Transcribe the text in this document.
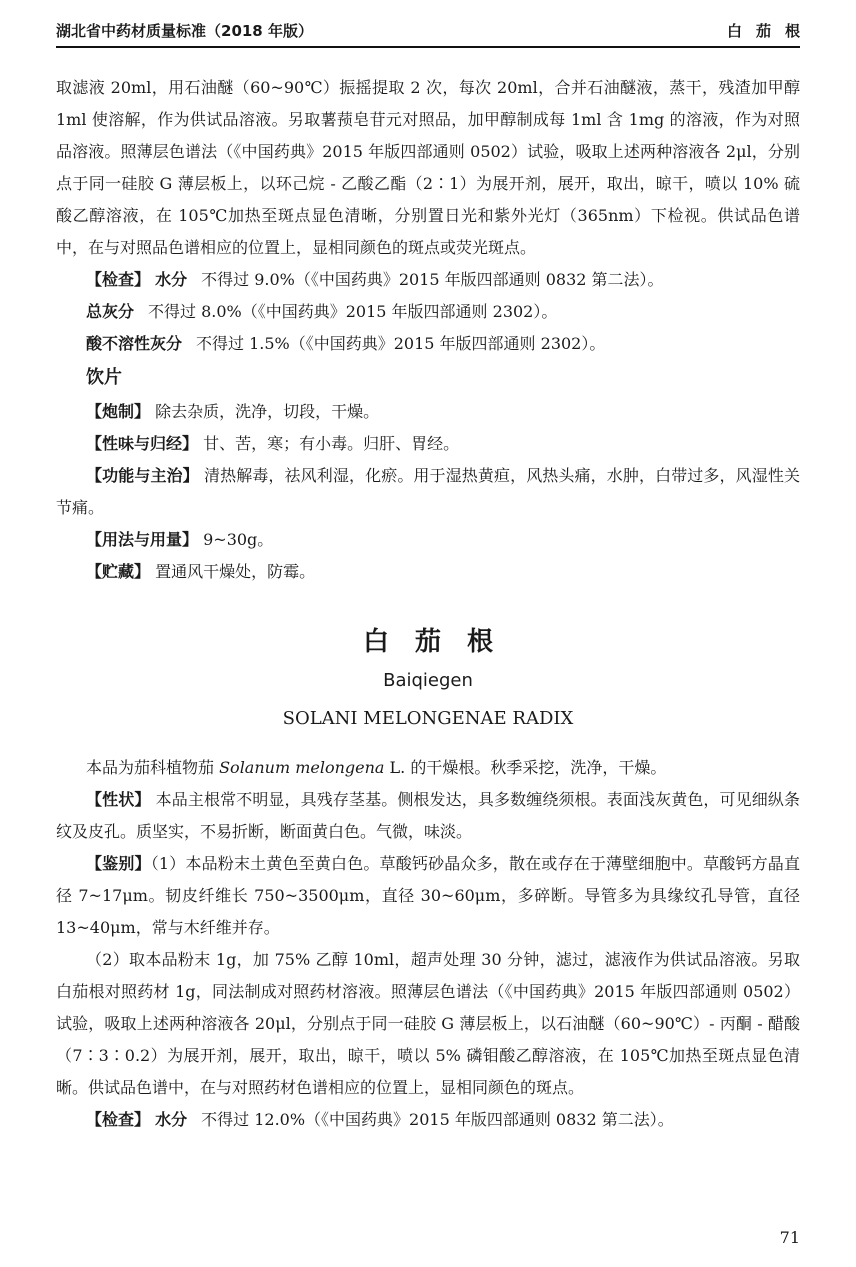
湖北省中药材质量标准（2018 年版）	白茄根

取滤液 20ml，用石油醚（60~90℃）振摇提取 2 次，每次 20ml，合并石油醚液，蒸干，残渣加甲醇 1ml 使溶解，作为供试品溶液。另取薯蓣皂苷元对照品，加甲醇制成每 1ml 含 1mg 的溶液，作为对照品溶液。照薄层色谱法（《中国药典》2015 年版四部通则 0502）试验，吸取上述两种溶液各 2μl，分别点于同一硅胶 G 薄层板上，以环己烷 - 乙酸乙酯（2∶1）为展开剂，展开，取出，晾干，喷以 10% 硫酸乙醇溶液，在 105℃加热至斑点显色清晰，分别置日光和紫外光灯（365nm）下检视。供试品色谱中，在与对照品色谱相应的位置上，显相同颜色的斑点或荧光斑点。

【检查】 水分 不得过 9.0%（《中国药典》2015 年版四部通则 0832 第二法）。

总灰分 不得过 8.0%（《中国药典》2015 年版四部通则 2302）。

酸不溶性灰分 不得过 1.5%（《中国药典》2015 年版四部通则 2302）。

饮片

【炮制】 除去杂质，洗净，切段，干燥。

【性味与归经】 甘、苦，寒；有小毒。归肝、胃经。

【功能与主治】 清热解毒，祛风利湿，化瘀。用于湿热黄疸，风热头痛，水肿，白带过多，风湿性关节痛。

【用法与用量】 9~30g。

【贮藏】 置通风干燥处，防霉。

白茄根
Baiqiegen
SOLANI MELONGENAE RADIX

本品为茄科植物茄 Solanum melongena L. 的干燥根。秋季采挖，洗净，干燥。

【性状】 本品主根常不明显，具残存茎基。侧根发达，具多数缠绕须根。表面浅灰黄色，可见细纵条纹及皮孔。质坚实，不易折断，断面黄白色。气微，味淡。

【鉴别】（1）本品粉末土黄色至黄白色。草酸钙砂晶众多，散在或存在于薄壁细胞中。草酸钙方晶直径 7~17μm。韧皮纤维长 750~3500μm，直径 30~60μm，多碎断。导管多为具缘纹孔导管，直径 13~40μm，常与木纤维并存。

（2）取本品粉末 1g，加 75% 乙醇 10ml，超声处理 30 分钟，滤过，滤液作为供试品溶液。另取白茄根对照药材 1g，同法制成对照药材溶液。照薄层色谱法（《中国药典》2015 年版四部通则 0502）试验，吸取上述两种溶液各 20μl，分别点于同一硅胶 G 薄层板上，以石油醚（60~90℃）- 丙酮 - 醋酸（7∶3∶0.2）为展开剂，展开，取出，晾干，喷以 5% 磷钼酸乙醇溶液，在 105℃加热至斑点显色清晰。供试品色谱中，在与对照药材色谱相应的位置上，显相同颜色的斑点。

【检查】 水分 不得过 12.0%（《中国药典》2015 年版四部通则 0832 第二法）。

71
